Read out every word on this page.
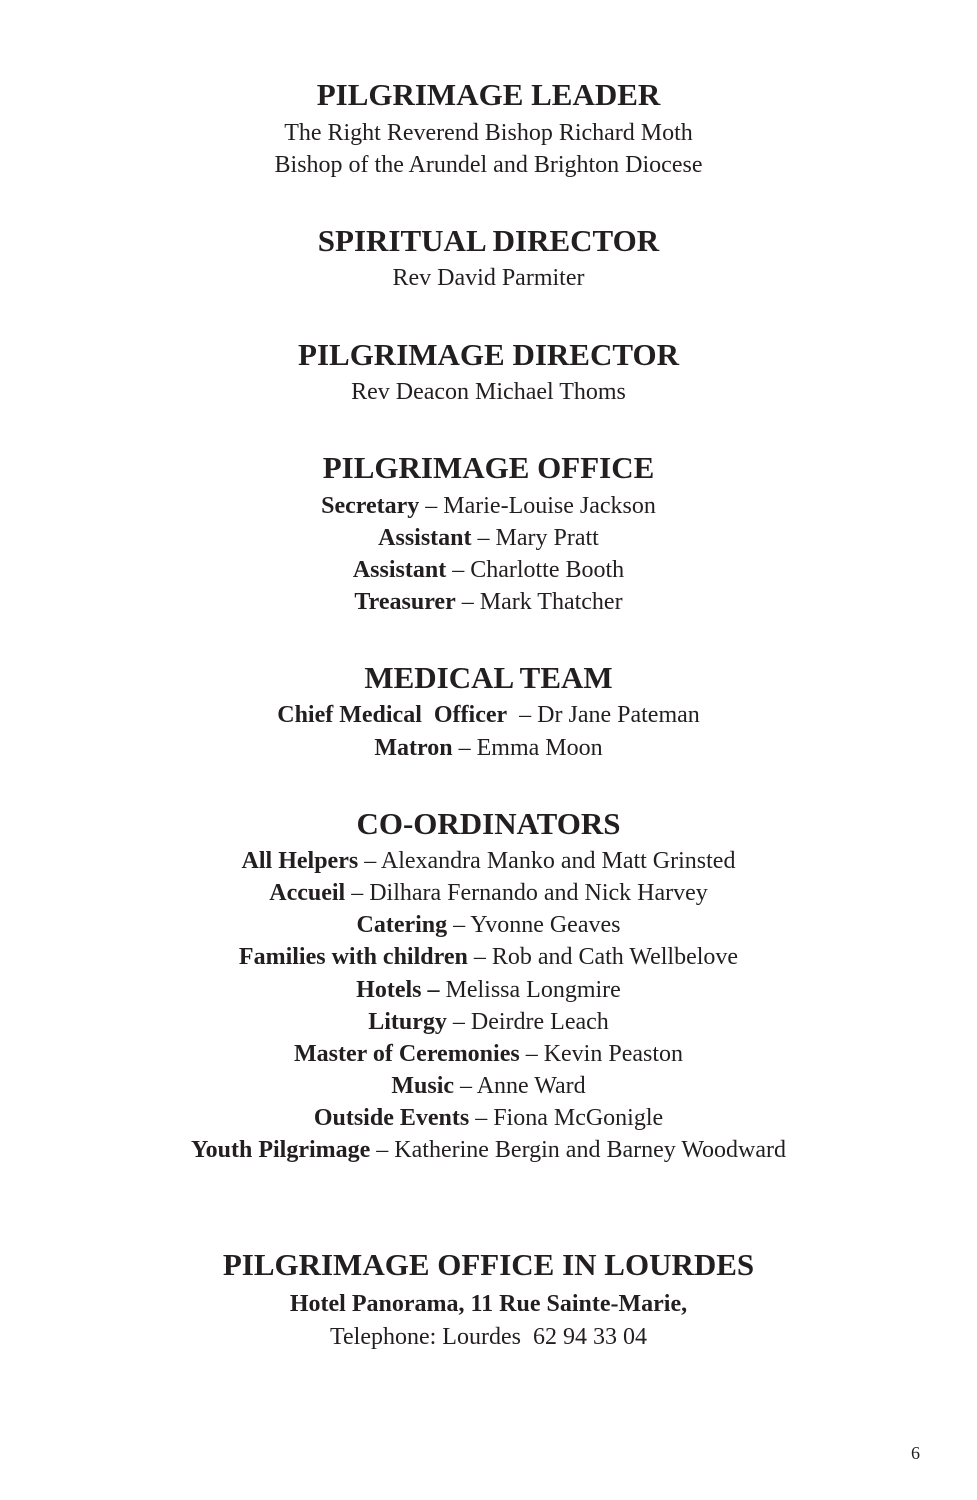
PILGRIMAGE LEADER
The Right Reverend Bishop Richard Moth
Bishop of the Arundel and Brighton Diocese
SPIRITUAL DIRECTOR
Rev David Parmiter
PILGRIMAGE DIRECTOR
Rev Deacon Michael Thoms
PILGRIMAGE OFFICE
Secretary – Marie-Louise Jackson
Assistant – Mary Pratt
Assistant – Charlotte Booth
Treasurer – Mark Thatcher
MEDICAL TEAM
Chief Medical  Officer  – Dr Jane Pateman
Matron – Emma Moon
CO-ORDINATORS
All Helpers – Alexandra Manko and Matt Grinsted
Accueil – Dilhara Fernando and Nick Harvey
Catering – Yvonne Geaves
Families with children – Rob and Cath Wellbelove
Hotels – Melissa Longmire
Liturgy – Deirdre Leach
Master of Ceremonies – Kevin Peaston
Music – Anne Ward
Outside Events – Fiona McGonigle
Youth Pilgrimage – Katherine Bergin and Barney Woodward
PILGRIMAGE OFFICE IN LOURDES
Hotel Panorama, 11 Rue Sainte-Marie,
Telephone: Lourdes  62 94 33 04
6
